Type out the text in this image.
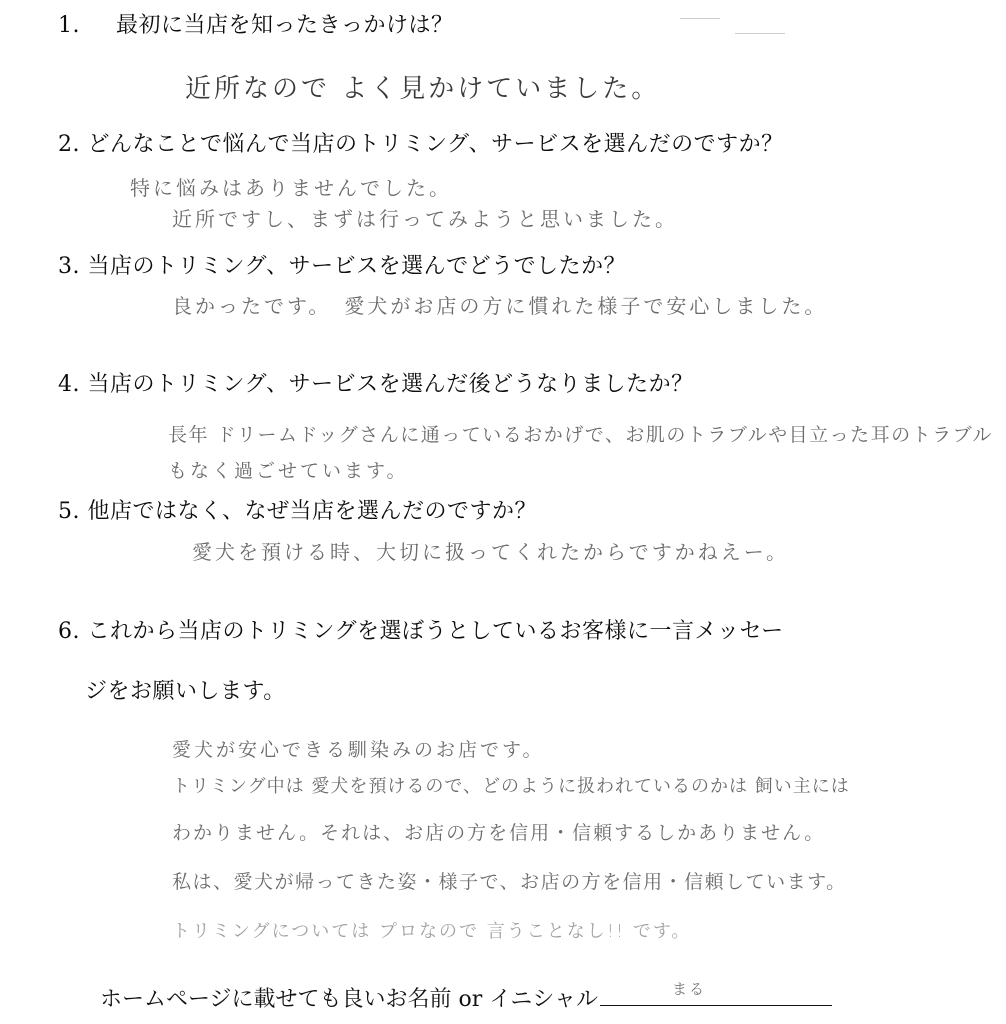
1. 最初に当店を知ったきっかけは？
近所なので よく見かけていました。
2. どんなことで悩んで当店のトリミング、サービスを選んだのですか？
特に悩みはありませんでした。
近所ですし、まずは行ってみようと思いました。
3. 当店のトリミング、サービスを選んでどうでしたか？
良かったです。　愛犬がお店の方に慣れた様子で安心しました。
4. 当店のトリミング、サービスを選んだ後どうなりましたか？
長年 ドリームドッグさんに通っているおかげで、お肌のトラブルや目立った耳のトラブル
もなく過ごせています。
5. 他店ではなく、なぜ当店を選んだのですか？
愛犬を預ける時、大切に扱ってくれたからですかねえー。
6. これから当店のトリミングを選ぼうとしているお客様に一言メッセー
ジをお願いします。
愛犬が安心できる馴染みのお店です。
トリミング中は 愛犬を預けるので、どのように扱われているのかは 飼い主には
わかりません。それは、お店の方を信用・信頼するしかありません。
私は、愛犬が帰ってきた姿・様子で、お店の方を信用・信頼しています。
トリミングについては プロなので 言うことなし!! です。
ホームページに載せても良いお名前 or イニシャル	まる
